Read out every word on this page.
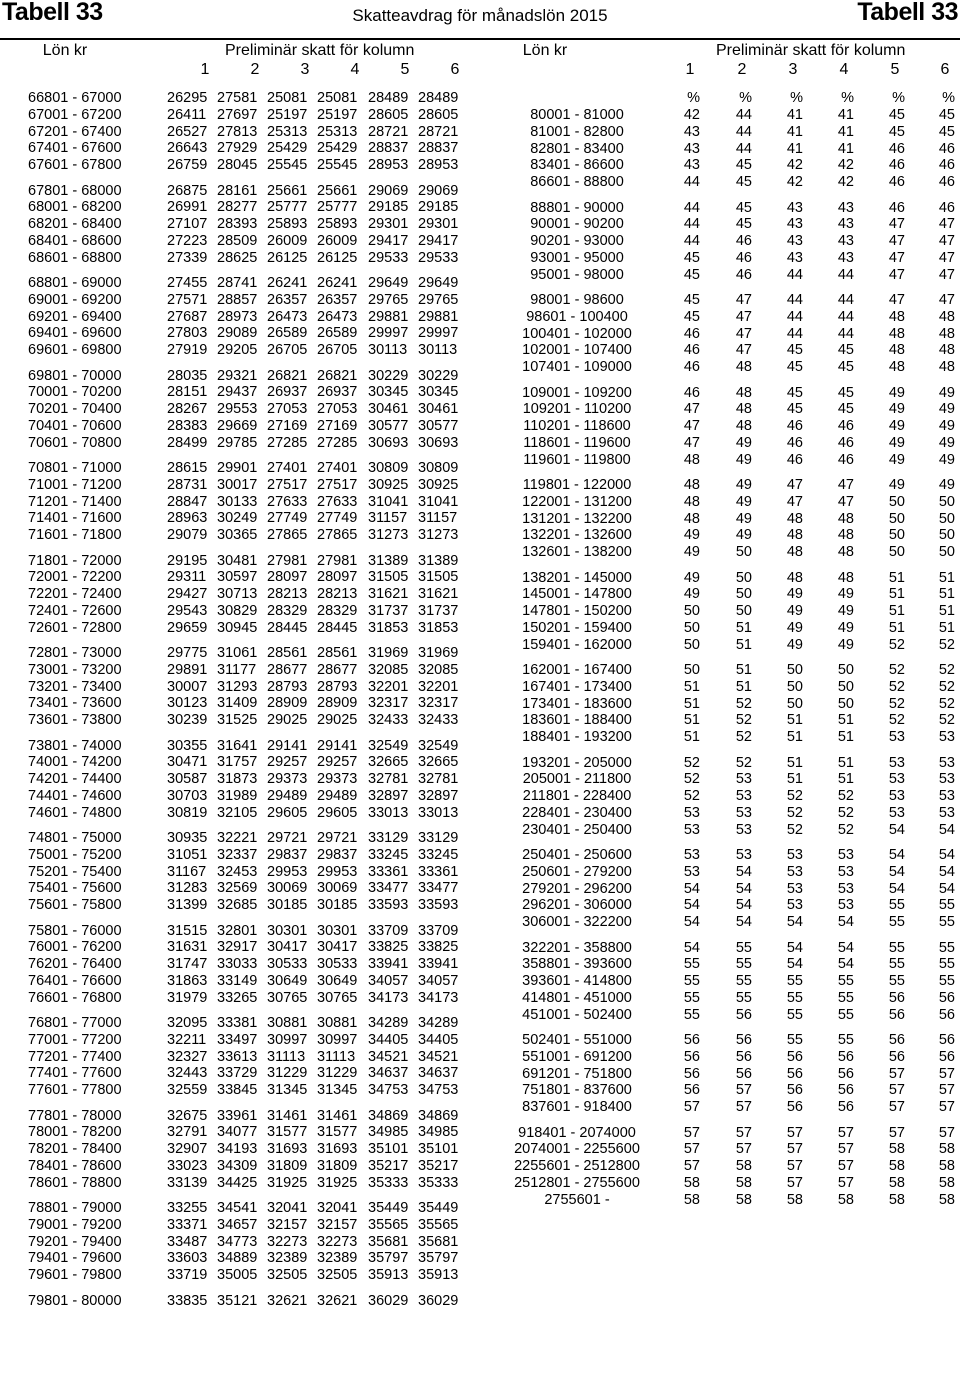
Tabell 33	Skatteavdrag för månadslön 2015	Tabell 33
Lön kr	Preliminär skatt för kolumn
1	2	3	4	5	6
Lön kr	Preliminär skatt för kolumn
1	2	3	4	5	6
66801 - 67000	26295 27581 25081 25081 28489 28489
67001 - 67200	26411 27697 25197 25197 28605 28605
67201 - 67400	26527 27813 25313 25313 28721 28721
67401 - 67600	26643 27929 25429 25429 28837 28837
67601 - 67800	26759 28045 25545 25545 28953 28953
67801 - 68000	26875 28161 25661 25661 29069 29069
68001 - 68200	26991 28277 25777 25777 29185 29185
68201 - 68400	27107 28393 25893 25893 29301 29301
68401 - 68600	27223 28509 26009 26009 29417 29417
68601 - 68800	27339 28625 26125 26125 29533 29533
68801 - 69000	27455 28741 26241 26241 29649 29649
69001 - 69200	27571 28857 26357 26357 29765 29765
69201 - 69400	27687 28973 26473 26473 29881 29881
69401 - 69600	27803 29089 26589 26589 29997 29997
69601 - 69800	27919 29205 26705 26705 30113 30113
69801 - 70000	28035 29321 26821 26821 30229 30229
70001 - 70200	28151 29437 26937 26937 30345 30345
70201 - 70400	28267 29553 27053 27053 30461 30461
70401 - 70600	28383 29669 27169 27169 30577 30577
70601 - 70800	28499 29785 27285 27285 30693 30693
70801 - 71000	28615 29901 27401 27401 30809 30809
71001 - 71200	28731 30017 27517 27517 30925 30925
71201 - 71400	28847 30133 27633 27633 31041 31041
71401 - 71600	28963 30249 27749 27749 31157 31157
71601 - 71800	29079 30365 27865 27865 31273 31273
71801 - 72000	29195 30481 27981 27981 31389 31389
72001 - 72200	29311 30597 28097 28097 31505 31505
72201 - 72400	29427 30713 28213 28213 31621 31621
72401 - 72600	29543 30829 28329 28329 31737 31737
72601 - 72800	29659 30945 28445 28445 31853 31853
72801 - 73000	29775 31061 28561 28561 31969 31969
73001 - 73200	29891 31177 28677 28677 32085 32085
73201 - 73400	30007 31293 28793 28793 32201 32201
73401 - 73600	30123 31409 28909 28909 32317 32317
73601 - 73800	30239 31525 29025 29025 32433 32433
73801 - 74000	30355 31641 29141 29141 32549 32549
74001 - 74200	30471 31757 29257 29257 32665 32665
74201 - 74400	30587 31873 29373 29373 32781 32781
74401 - 74600	30703 31989 29489 29489 32897 32897
74601 - 74800	30819 32105 29605 29605 33013 33013
74801 - 75000	30935 32221 29721 29721 33129 33129
75001 - 75200	31051 32337 29837 29837 33245 33245
75201 - 75400	31167 32453 29953 29953 33361 33361
75401 - 75600	31283 32569 30069 30069 33477 33477
75601 - 75800	31399 32685 30185 30185 33593 33593
75801 - 76000	31515 32801 30301 30301 33709 33709
76001 - 76200	31631 32917 30417 30417 33825 33825
76201 - 76400	31747 33033 30533 30533 33941 33941
76401 - 76600	31863 33149 30649 30649 34057 34057
76601 - 76800	31979 33265 30765 30765 34173 34173
76801 - 77000	32095 33381 30881 30881 34289 34289
77001 - 77200	32211 33497 30997 30997 34405 34405
77201 - 77400	32327 33613 31113 31113 34521 34521
77401 - 77600	32443 33729 31229 31229 34637 34637
77601 - 77800	32559 33845 31345 31345 34753 34753
77801 - 78000	32675 33961 31461 31461 34869 34869
78001 - 78200	32791 34077 31577 31577 34985 34985
78201 - 78400	32907 34193 31693 31693 35101 35101
78401 - 78600	33023 34309 31809 31809 35217 35217
78601 - 78800	33139 34425 31925 31925 35333 35333
78801 - 79000	33255 34541 32041 32041 35449 35449
79001 - 79200	33371 34657 32157 32157 35565 35565
79201 - 79400	33487 34773 32273 32273 35681 35681
79401 - 79600	33603 34889 32389 32389 35797 35797
79601 - 79800	33719 35005 32505 32505 35913 35913
79801 - 80000	33835 35121 32621 32621 36029 36029
%	%	%	%	%	%
80001 - 81000	42	44	41	41	45	45
81001 - 82800	43	44	41	41	45	45
82801 - 83400	43	44	41	41	46	46
83401 - 86600	43	45	42	42	46	46
86601 - 88800	44	45	42	42	46	46
88801 - 90000	44	45	43	43	46	46
90001 - 90200	44	45	43	43	47	47
90201 - 93000	44	46	43	43	47	47
93001 - 95000	45	46	43	43	47	47
95001 - 98000	45	46	44	44	47	47
98001 - 98600	45	47	44	44	47	47
98601 - 100400	45	47	44	44	48	48
100401 - 102000	46	47	44	44	48	48
102001 - 107400	46	47	45	45	48	48
107401 - 109000	46	48	45	45	48	48
109001 - 109200	46	48	45	45	49	49
109201 - 110200	47	48	45	45	49	49
110201 - 118600	47	48	46	46	49	49
118601 - 119600	47	49	46	46	49	49
119601 - 119800	48	49	46	46	49	49
119801 - 122000	48	49	47	47	49	49
122001 - 131200	48	49	47	47	50	50
131201 - 132200	48	49	48	48	50	50
132201 - 132600	49	49	48	48	50	50
132601 - 138200	49	50	48	48	50	50
138201 - 145000	49	50	48	48	51	51
145001 - 147800	49	50	49	49	51	51
147801 - 150200	50	50	49	49	51	51
150201 - 159400	50	51	49	49	51	51
159401 - 162000	50	51	49	49	52	52
162001 - 167400	50	51	50	50	52	52
167401 - 173400	51	51	50	50	52	52
173401 - 183600	51	52	50	50	52	52
183601 - 188400	51	52	51	51	52	52
188401 - 193200	51	52	51	51	53	53
193201 - 205000	52	52	51	51	53	53
205001 - 211800	52	53	51	51	53	53
211801 - 228400	52	53	52	52	53	53
228401 - 230400	53	53	52	52	53	53
230401 - 250400	53	53	52	52	54	54
250401 - 250600	53	53	53	53	54	54
250601 - 279200	53	54	53	53	54	54
279201 - 296200	54	54	53	53	54	54
296201 - 306000	54	54	53	53	55	55
306001 - 322200	54	54	54	54	55	55
322201 - 358800	54	55	54	54	55	55
358801 - 393600	55	55	54	54	55	55
393601 - 414800	55	55	55	55	55	55
414801 - 451000	55	55	55	55	56	56
451001 - 502400	55	56	55	55	56	56
502401 - 551000	56	56	55	55	56	56
551001 - 691200	56	56	56	56	56	56
691201 - 751800	56	56	56	56	57	57
751801 - 837600	56	57	56	56	57	57
837601 - 918400	57	57	56	56	57	57
918401 - 2074000	57	57	57	57	57	57
2074001 - 2255600	57	57	57	57	58	58
2255601 - 2512800	57	58	57	57	58	58
2512801 - 2755600	58	58	57	57	58	58
2755601 -	58	58	58	58	58	58
